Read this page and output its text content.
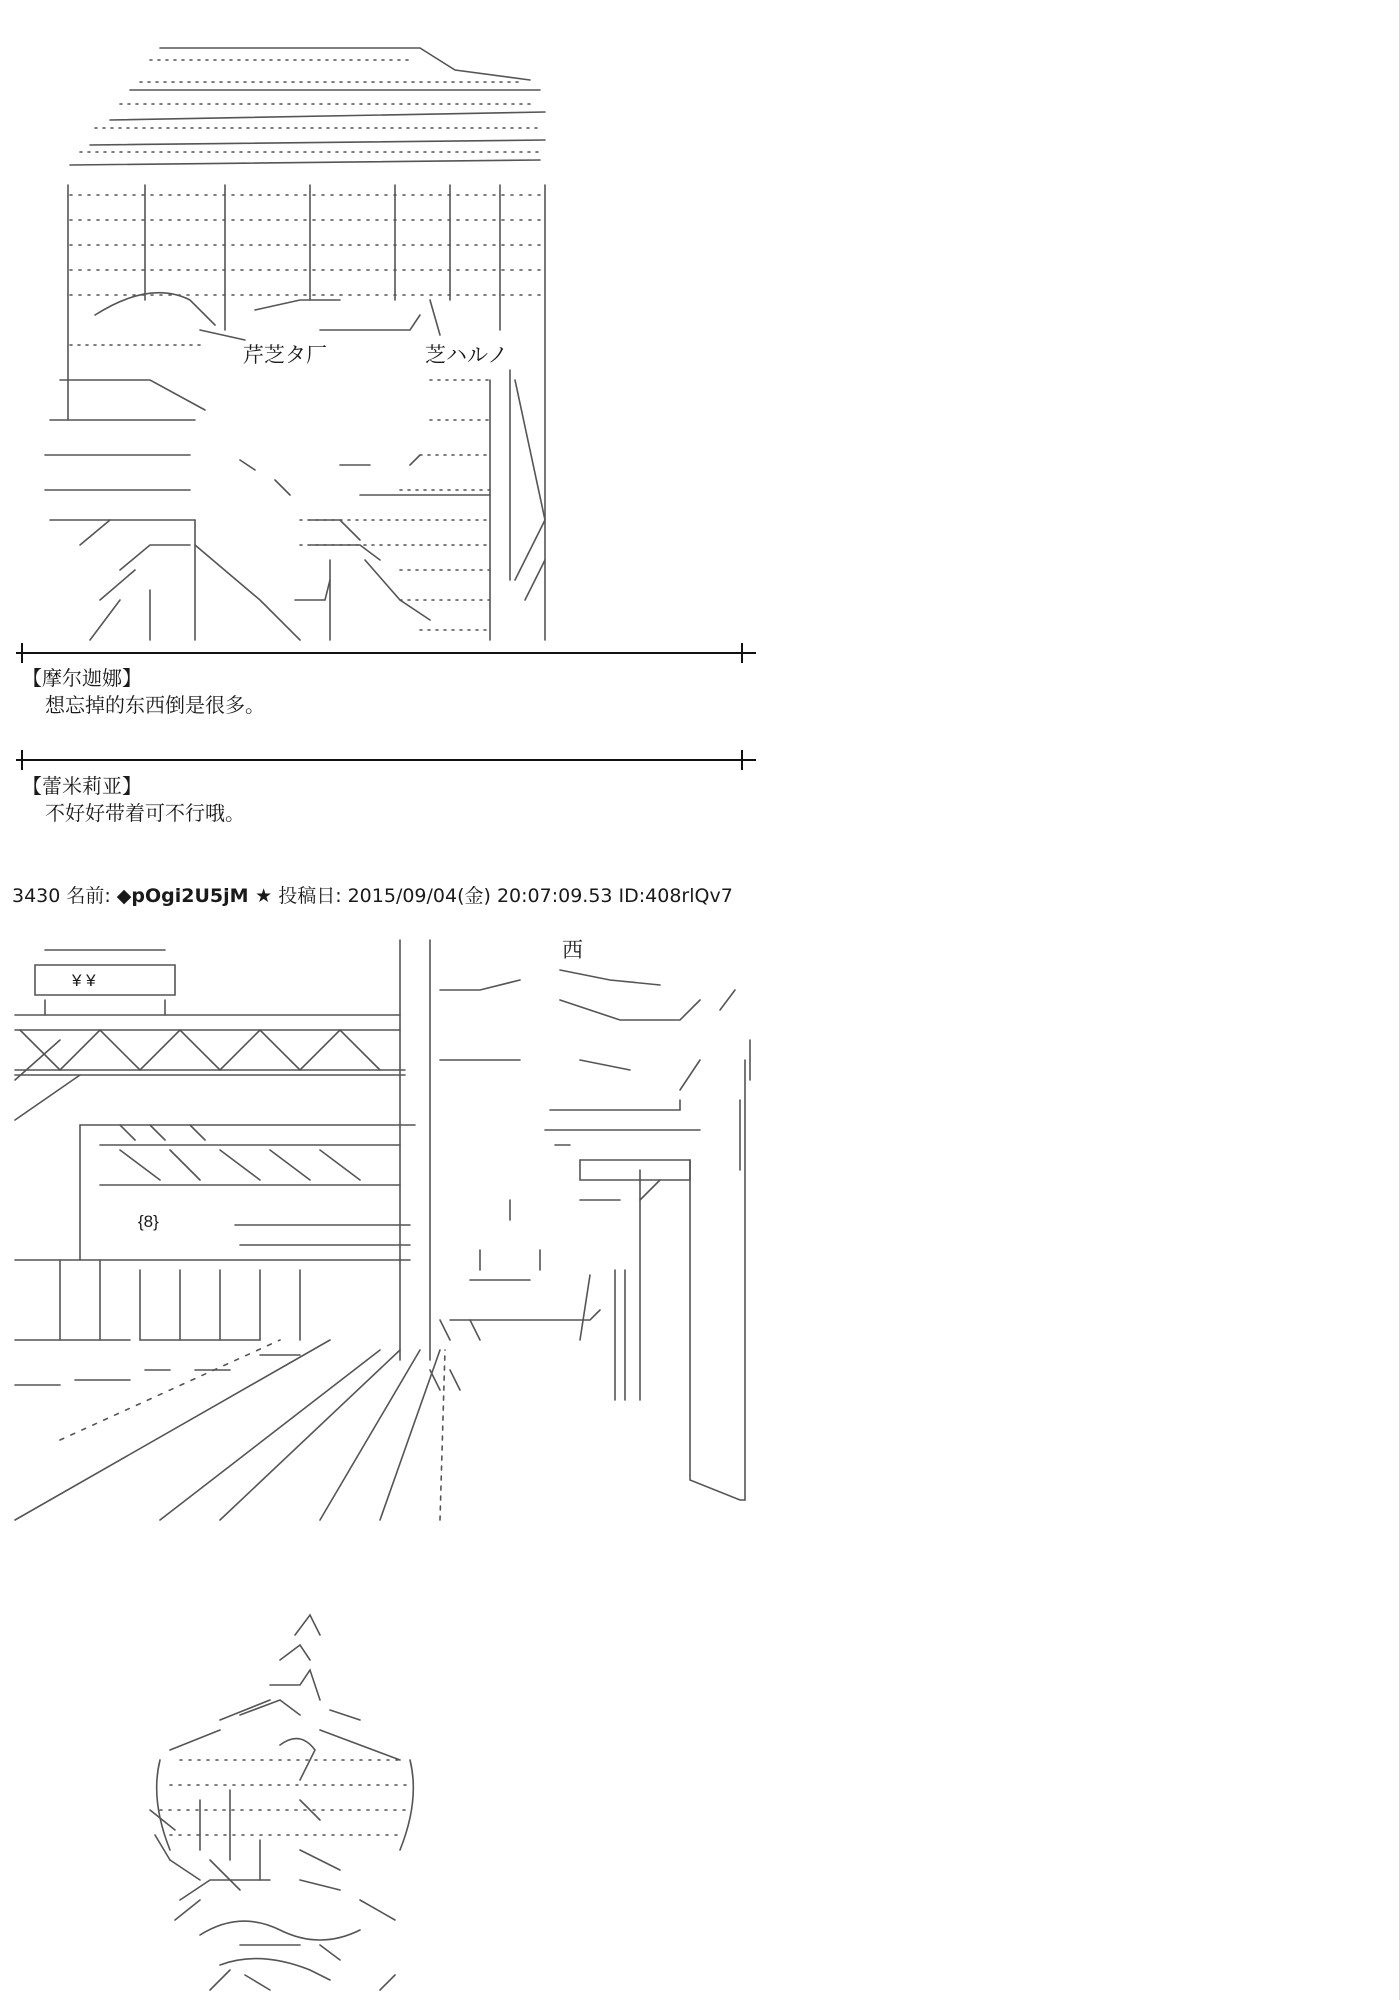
芹芝タ厂	芝ハルノ
¥ ¥
西
{8}
【摩尔迦娜】
想忘掉的东西倒是很多。
【蕾米莉亚】
不好好带着可不行哦。
3430 名前: ◆pOgi2U5jM ★ 投稿日: 2015/09/04(金) 20:07:09.53 ID:408rlQv7
